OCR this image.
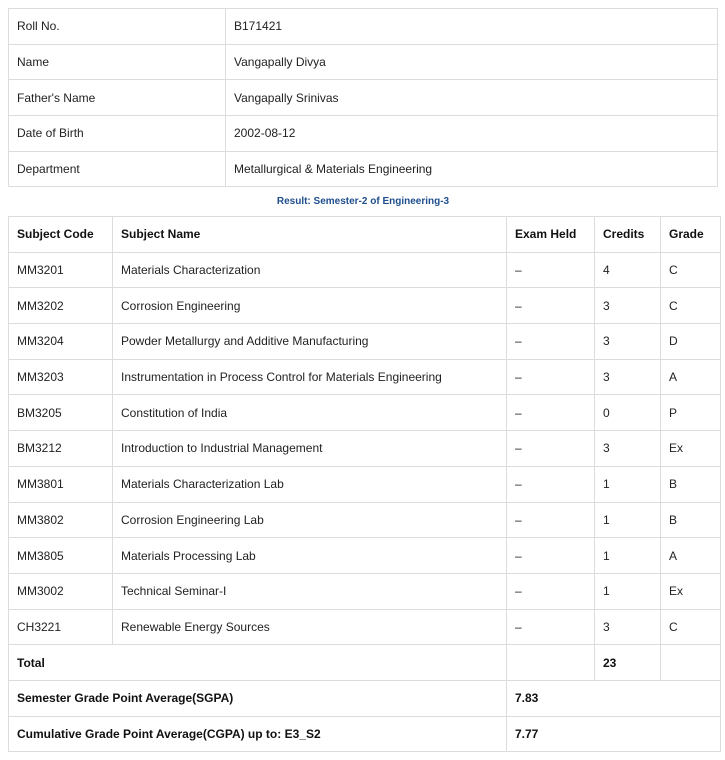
Roll No.	B171421
Name	Vangapally Divya
Father's Name	Vangapally Srinivas
Date of Birth	2002-08-12
Department	Metallurgical & Materials Engineering
Result: Semester-2 of Engineering-3
Subject Code	Subject Name	Exam Held	Credits	Grade
MM3201	Materials Characterization	–	4	C
MM3202	Corrosion Engineering	–	3	C
MM3204	Powder Metallurgy and Additive Manufacturing	–	3	D
MM3203	Instrumentation in Process Control for Materials Engineering	–	3	A
BM3205	Constitution of India	–	0	P
BM3212	Introduction to Industrial Management	–	3	Ex
MM3801	Materials Characterization Lab	–	1	B
MM3802	Corrosion Engineering Lab	–	1	B
MM3805	Materials Processing Lab	–	1	A
MM3002	Technical Seminar-I	–	1	Ex
CH3221	Renewable Energy Sources	–	3	C
Total			23	
Semester Grade Point Average(SGPA)		7.83		
Cumulative Grade Point Average(CGPA) up to: E3_S2		7.77		
